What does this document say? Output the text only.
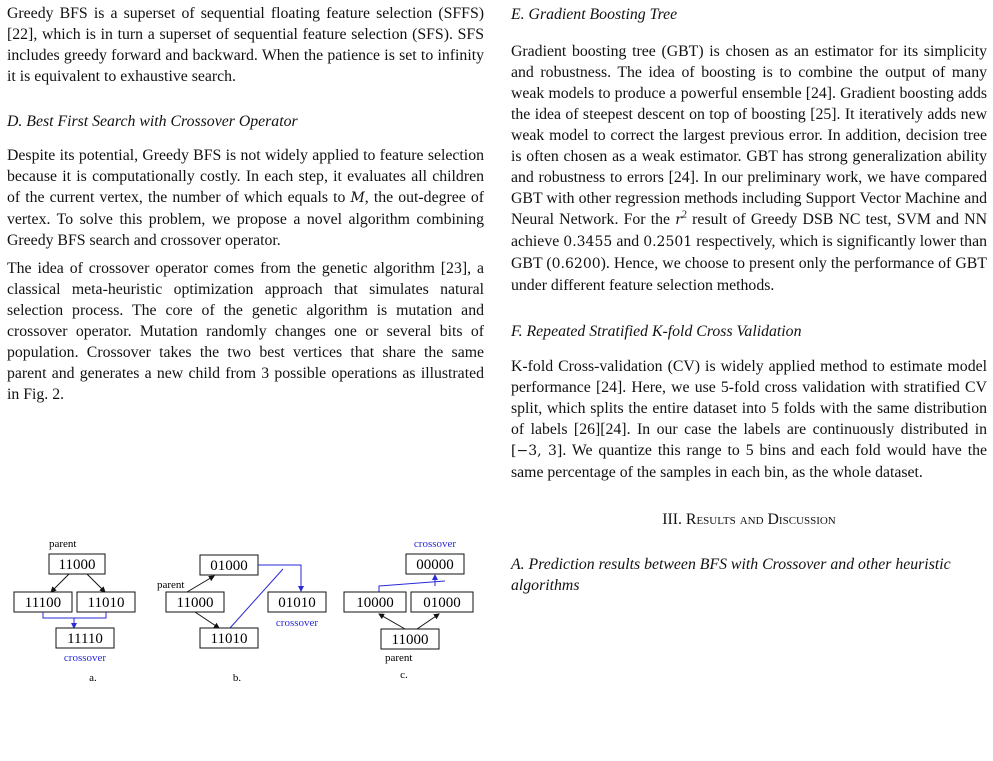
Greedy BFS is a superset of sequential floating feature selection (SFFS) [22], which is in turn a superset of sequential feature selection (SFS). SFS includes greedy forward and backward. When the patience is set to infinity it is equivalent to exhaustive search.

D. Best First Search with Crossover Operator

Despite its potential, Greedy BFS is not widely applied to feature selection because it is computationally costly. In each step, it evaluates all children of the current vertex, the number of which equals to M, the out-degree of vertex. To solve this problem, we propose a novel algorithm combining Greedy BFS search and crossover operator.

The idea of crossover operator comes from the genetic algorithm [23], a classical meta-heuristic optimization approach that simulates natural selection process. The core of the genetic algorithm is mutation and crossover operator. Mutation randomly changes one or several bits of population. Crossover takes the two best vertices that share the same parent and generates a new child from 3 possible operations as illustrated in Fig. 2.

parent
11000
11100 11010
11110
crossover
a.
01000
parent
11000	01010
11010
crossover
b.
crossover
00000
10000 01000
11000
parent
c.

E. Gradient Boosting Tree

Gradient boosting tree (GBT) is chosen as an estimator for its simplicity and robustness. The idea of boosting is to combine the output of many weak models to produce a powerful ensemble [24]. Gradient boosting adds the idea of steepest descent on top of boosting [25]. It iteratively adds new weak model to correct the largest previous error. In addition, decision tree is often chosen as a weak estimator. GBT has strong generalization ability and robustness to errors [24]. In our preliminary work, we have compared GBT with other regression methods including Support Vector Machine and Neural Network. For the $r^2$ result of Greedy DSB NC test, SVM and NN achieve 0.3455 and 0.2501 respectively, which is significantly lower than GBT (0.6200). Hence, we choose to present only the performance of GBT under different feature selection methods.

F. Repeated Stratified K-fold Cross Validation

K-fold Cross-validation (CV) is widely applied method to estimate model performance [24]. Here, we use 5-fold cross validation with stratified CV split, which splits the entire dataset into 5 folds with the same distribution of labels [26][24]. In our case the labels are continuously distributed in [−3, 3]. We quantize this range to 5 bins and each fold would have the same percentage of the samples in each bin, as the whole dataset.

III. Results and Discussion

A. Prediction results between BFS with Crossover and other heuristic algorithms
